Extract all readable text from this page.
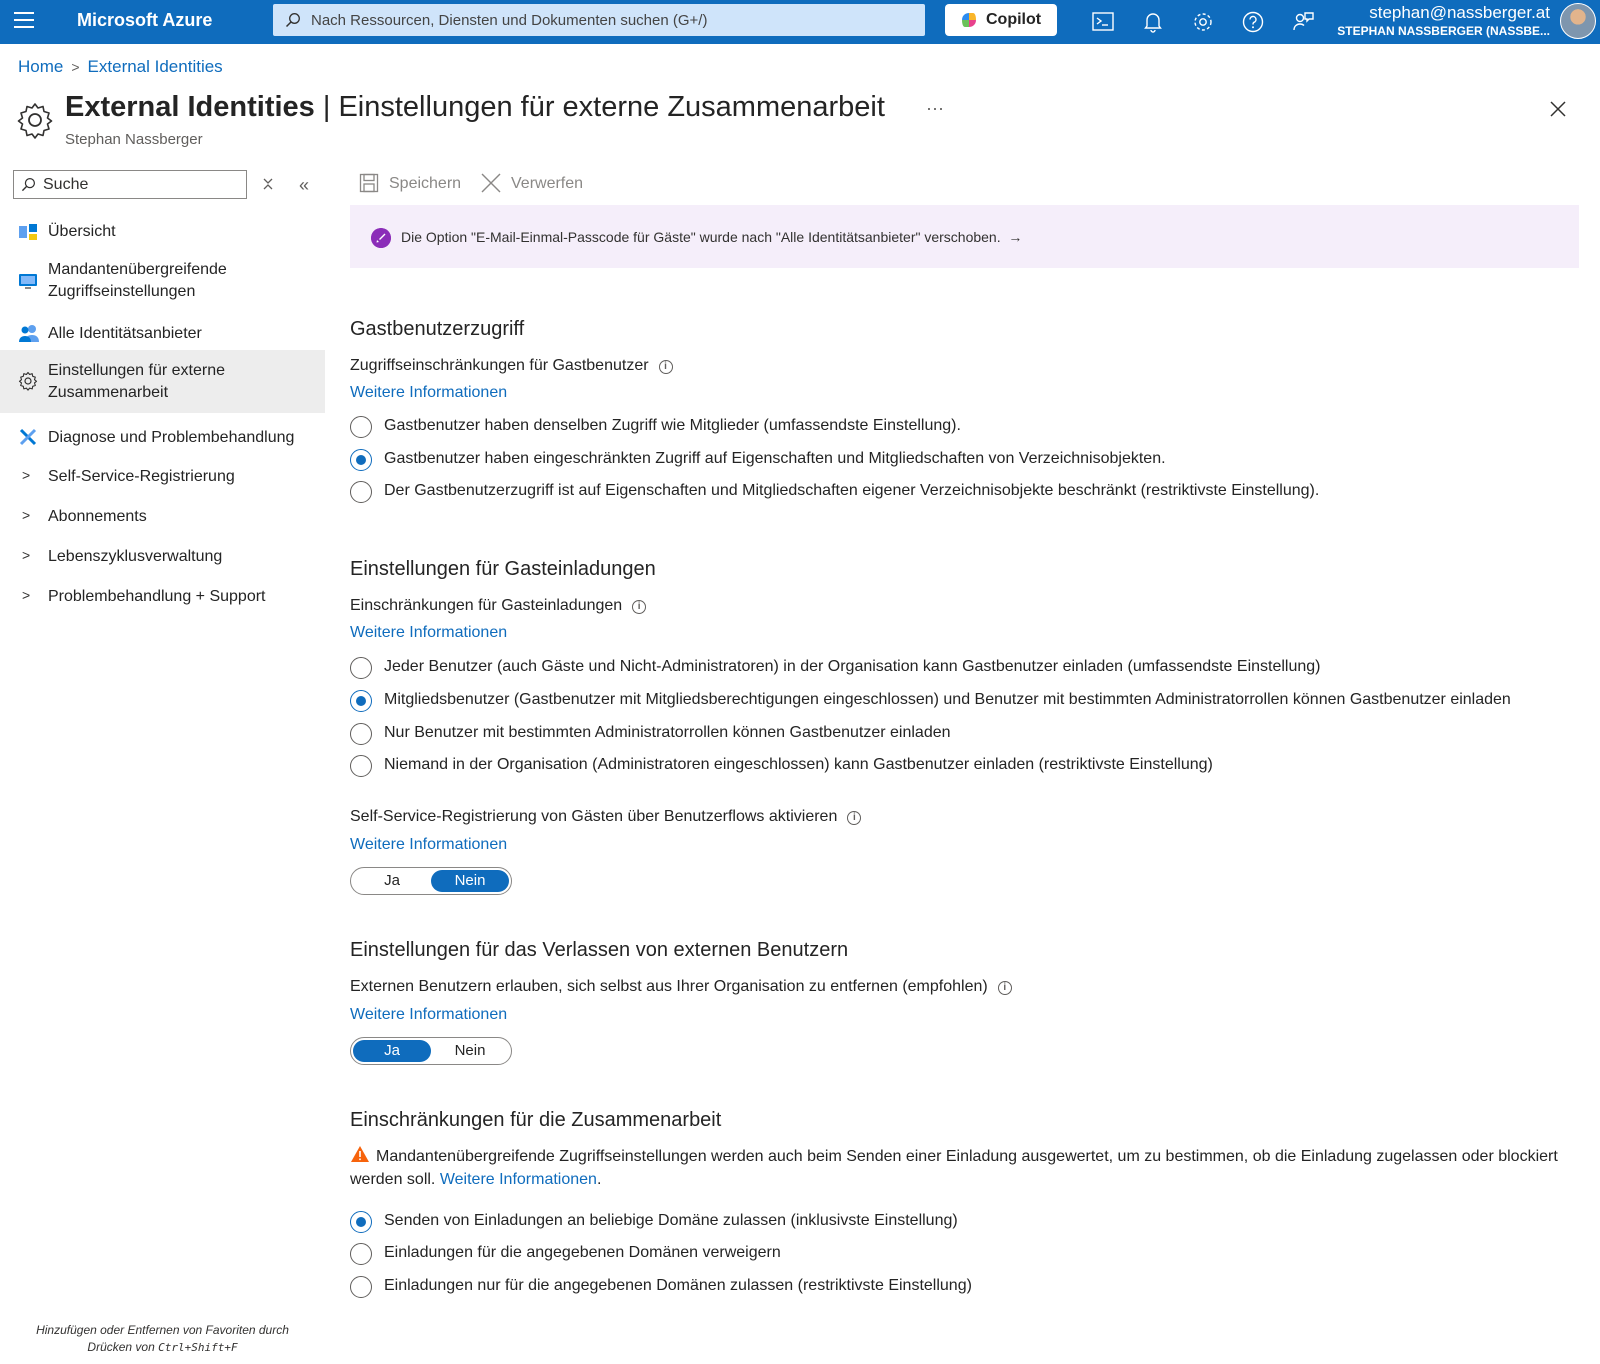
Microsoft Azure
Nach Ressourcen, Diensten und Dokumenten suchen (G+/)	Copilot	stephan@nassberger.at
STEPHAN NASSBERGER (NASSBE...
Home > External Identities
External Identities | Einstellungen für externe Zusammenarbeit
Stephan Nassberger
···
Suche
«
Übersicht
Mandantenübergreifende Zugriffseinstellungen
Alle Identitätsanbieter
Einstellungen für externe Zusammenarbeit
Diagnose und Problembehandlung
> Self-Service-Registrierung
> Abonnements
> Lebenszyklusverwaltung
> Problembehandlung + Support
Hinzufügen oder Entfernen von Favoriten durch
Drücken von Ctrl+Shift+F
Speichern	Verwerfen
Die Option "E-Mail-Einmal-Passcode für Gäste" wurde nach "Alle Identitätsanbieter" verschoben. →
Gastbenutzerzugriff
Zugriffseinschränkungen für Gastbenutzer i
Weitere Informationen
Gastbenutzer haben denselben Zugriff wie Mitglieder (umfassendste Einstellung).
Gastbenutzer haben eingeschränkten Zugriff auf Eigenschaften und Mitgliedschaften von Verzeichnisobjekten.
Der Gastbenutzerzugriff ist auf Eigenschaften und Mitgliedschaften eigener Verzeichnisobjekte beschränkt (restriktivste Einstellung).
Einstellungen für Gasteinladungen
Einschränkungen für Gasteinladungen i
Weitere Informationen
Jeder Benutzer (auch Gäste und Nicht-Administratoren) in der Organisation kann Gastbenutzer einladen (umfassendste Einstellung)
Mitgliedsbenutzer (Gastbenutzer mit Mitgliedsberechtigungen eingeschlossen) und Benutzer mit bestimmten Administratorrollen können Gastbenutzer einladen
Nur Benutzer mit bestimmten Administratorrollen können Gastbenutzer einladen
Niemand in der Organisation (Administratoren eingeschlossen) kann Gastbenutzer einladen (restriktivste Einstellung)
Self-Service-Registrierung von Gästen über Benutzerflows aktivieren i
Weitere Informationen
Ja	Nein
Einstellungen für das Verlassen von externen Benutzern
Externen Benutzern erlauben, sich selbst aus Ihrer Organisation zu entfernen (empfohlen) i
Weitere Informationen
Ja	Nein
Einschränkungen für die Zusammenarbeit
Mandantenübergreifende Zugriffseinstellungen werden auch beim Senden einer Einladung ausgewertet, um zu bestimmen, ob die Einladung zugelassen oder blockiert werden soll. Weitere Informationen.
Senden von Einladungen an beliebige Domäne zulassen (inklusivste Einstellung)
Einladungen für die angegebenen Domänen verweigern
Einladungen nur für die angegebenen Domänen zulassen (restriktivste Einstellung)
